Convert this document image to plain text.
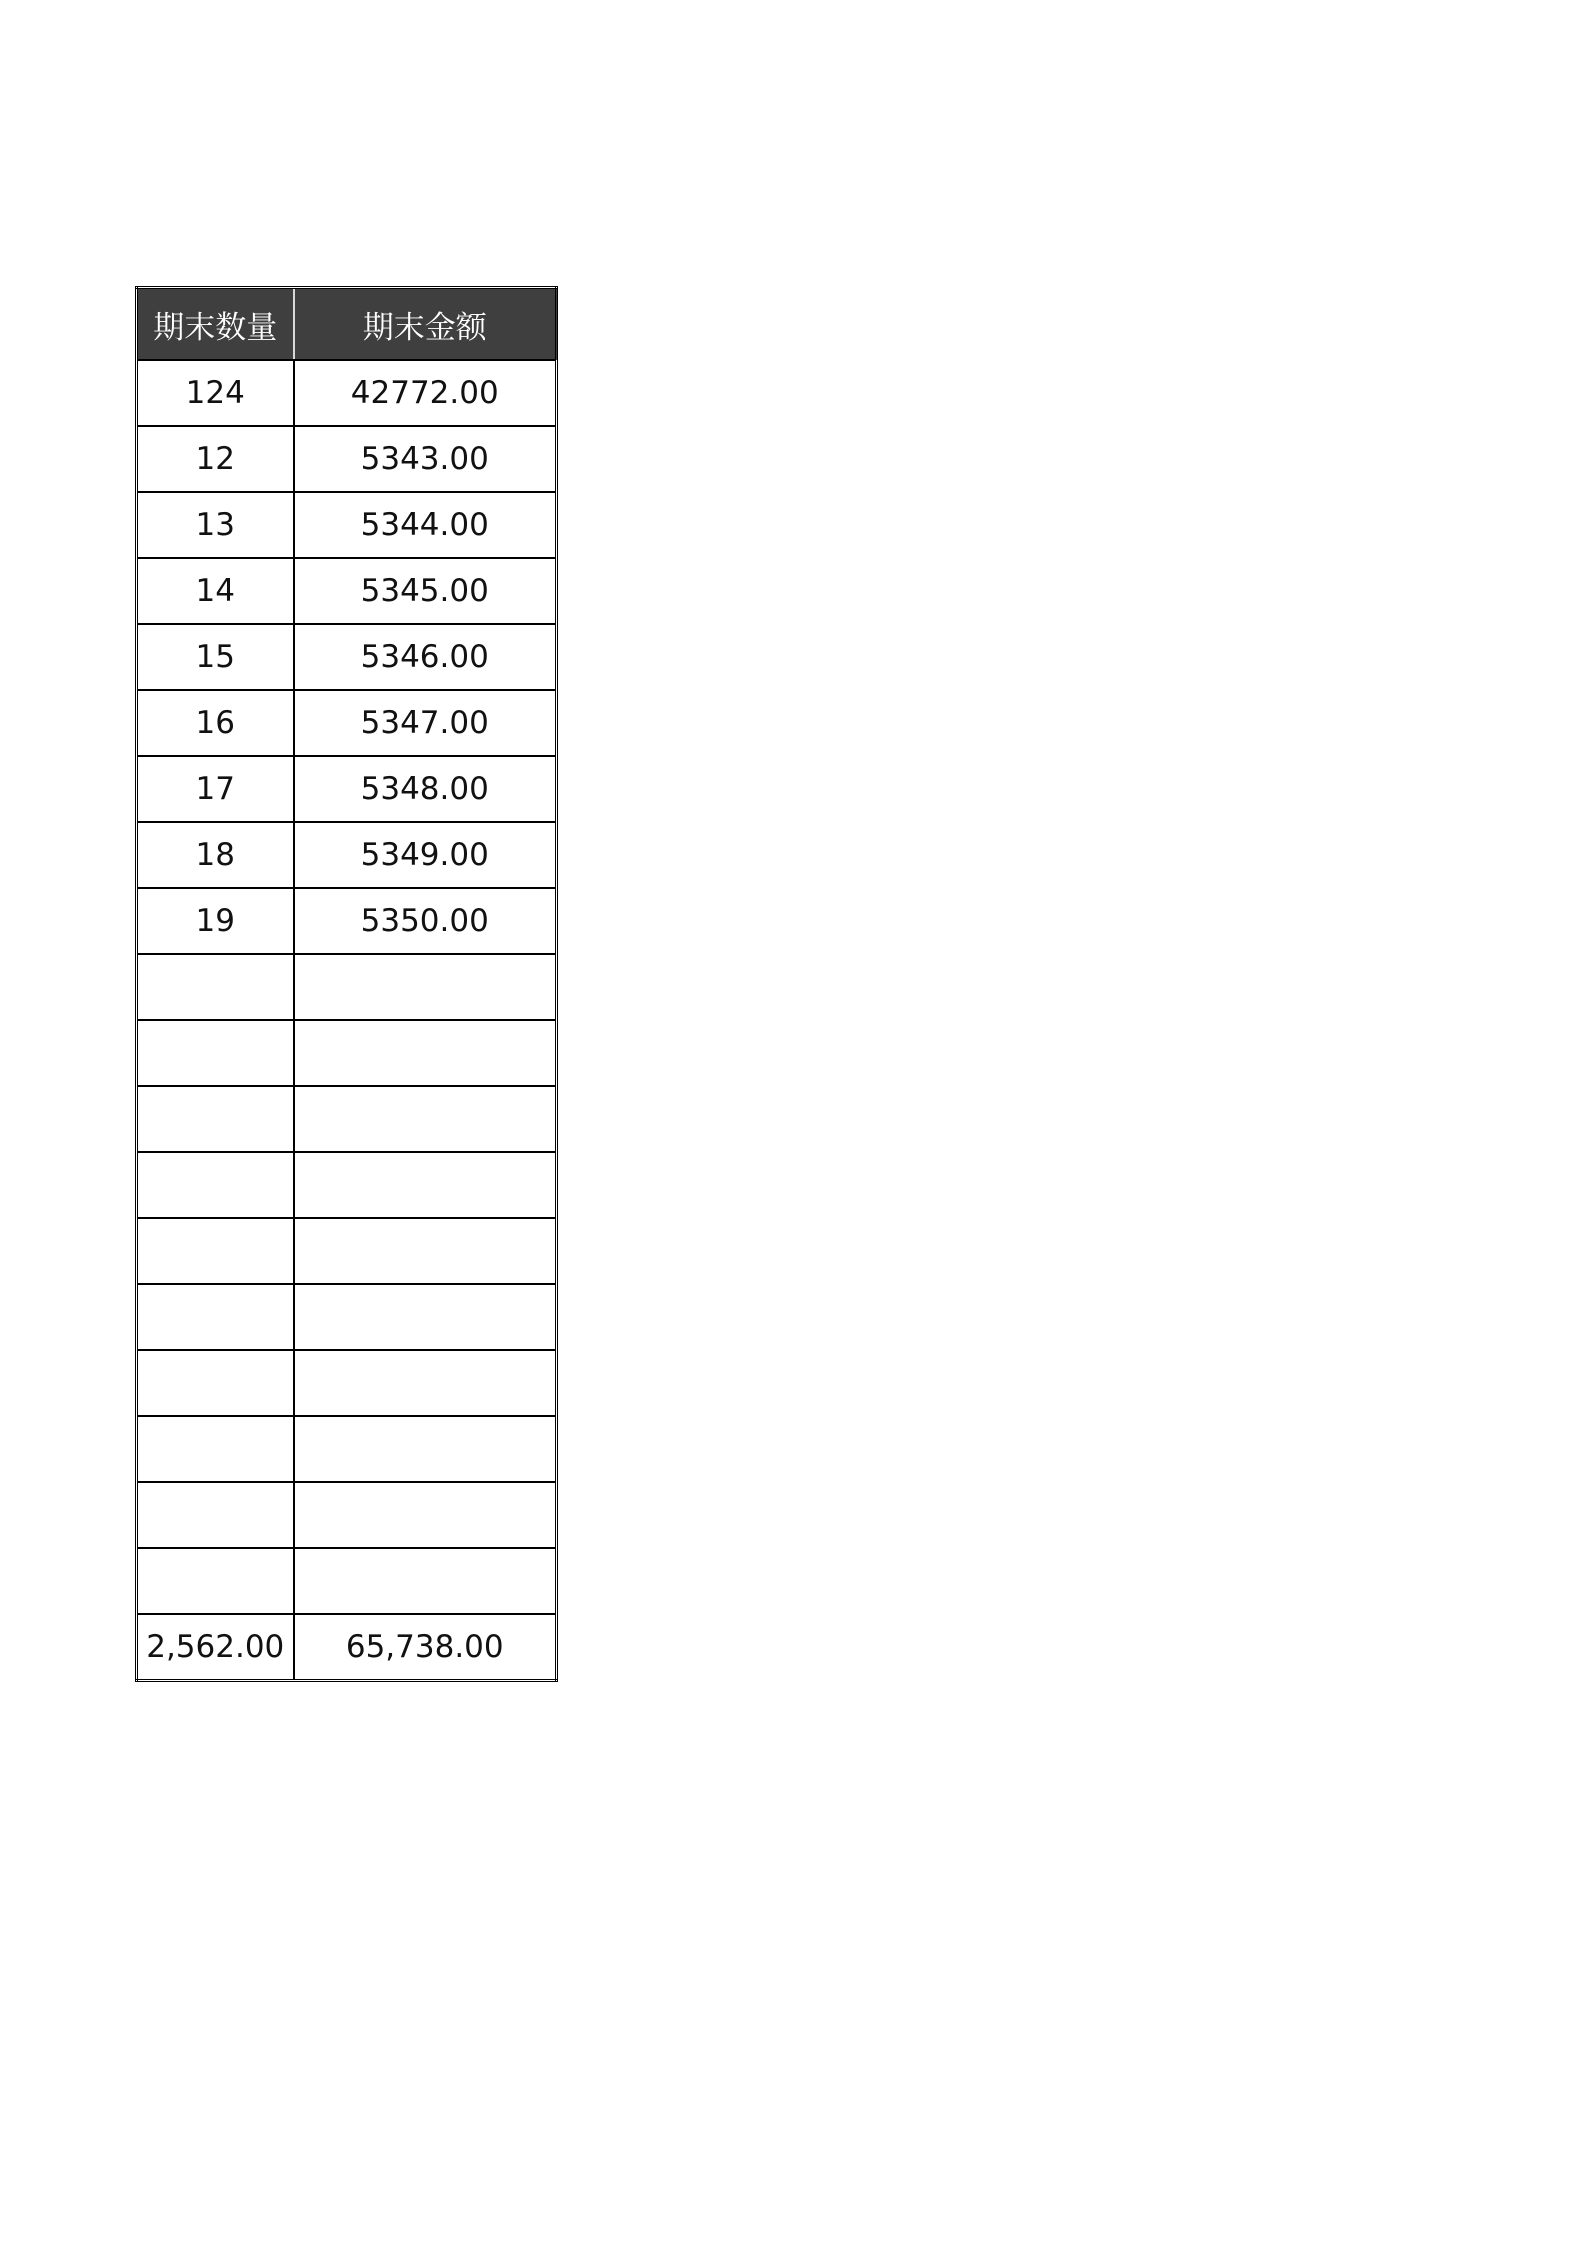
期末数量	期末金额
124	42772.00
12	5343.00
13	5344.00
14	5345.00
15	5346.00
16	5347.00
17	5348.00
18	5349.00
19	5350.00

2,562.00	65,738.00
